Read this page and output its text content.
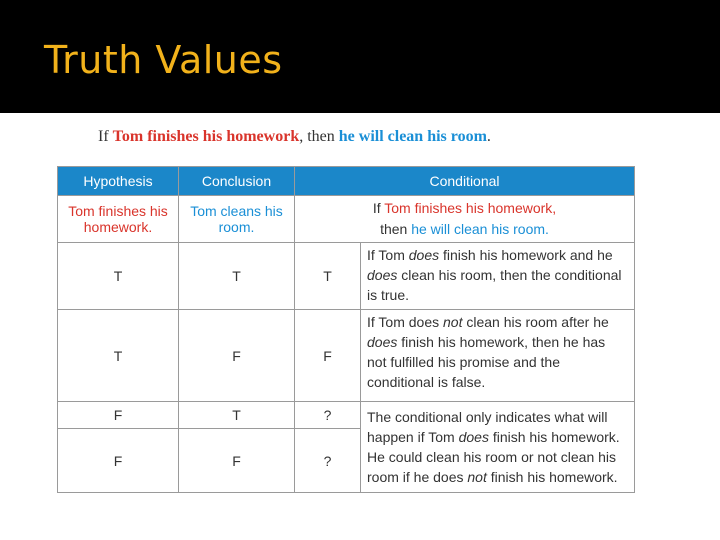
Truth Values
If Tom finishes his homework, then he will clean his room.
Hypothesis	Conclusion	Conditional	
Tom finishes his homework.	Tom cleans his room.	If Tom finishes his homework,
then he will clean his room.	
T	T	T	If Tom does finish his homework and he does clean his room, then the conditional is true.
T	F	F	If Tom does not clean his room after he does finish his homework, then he has not fulfilled his promise and the conditional is false.
F	T	?	The conditional only indicates what will happen if Tom does finish his homework. He could clean his room or not clean his room if he does not finish his homework.
F	F	?	
